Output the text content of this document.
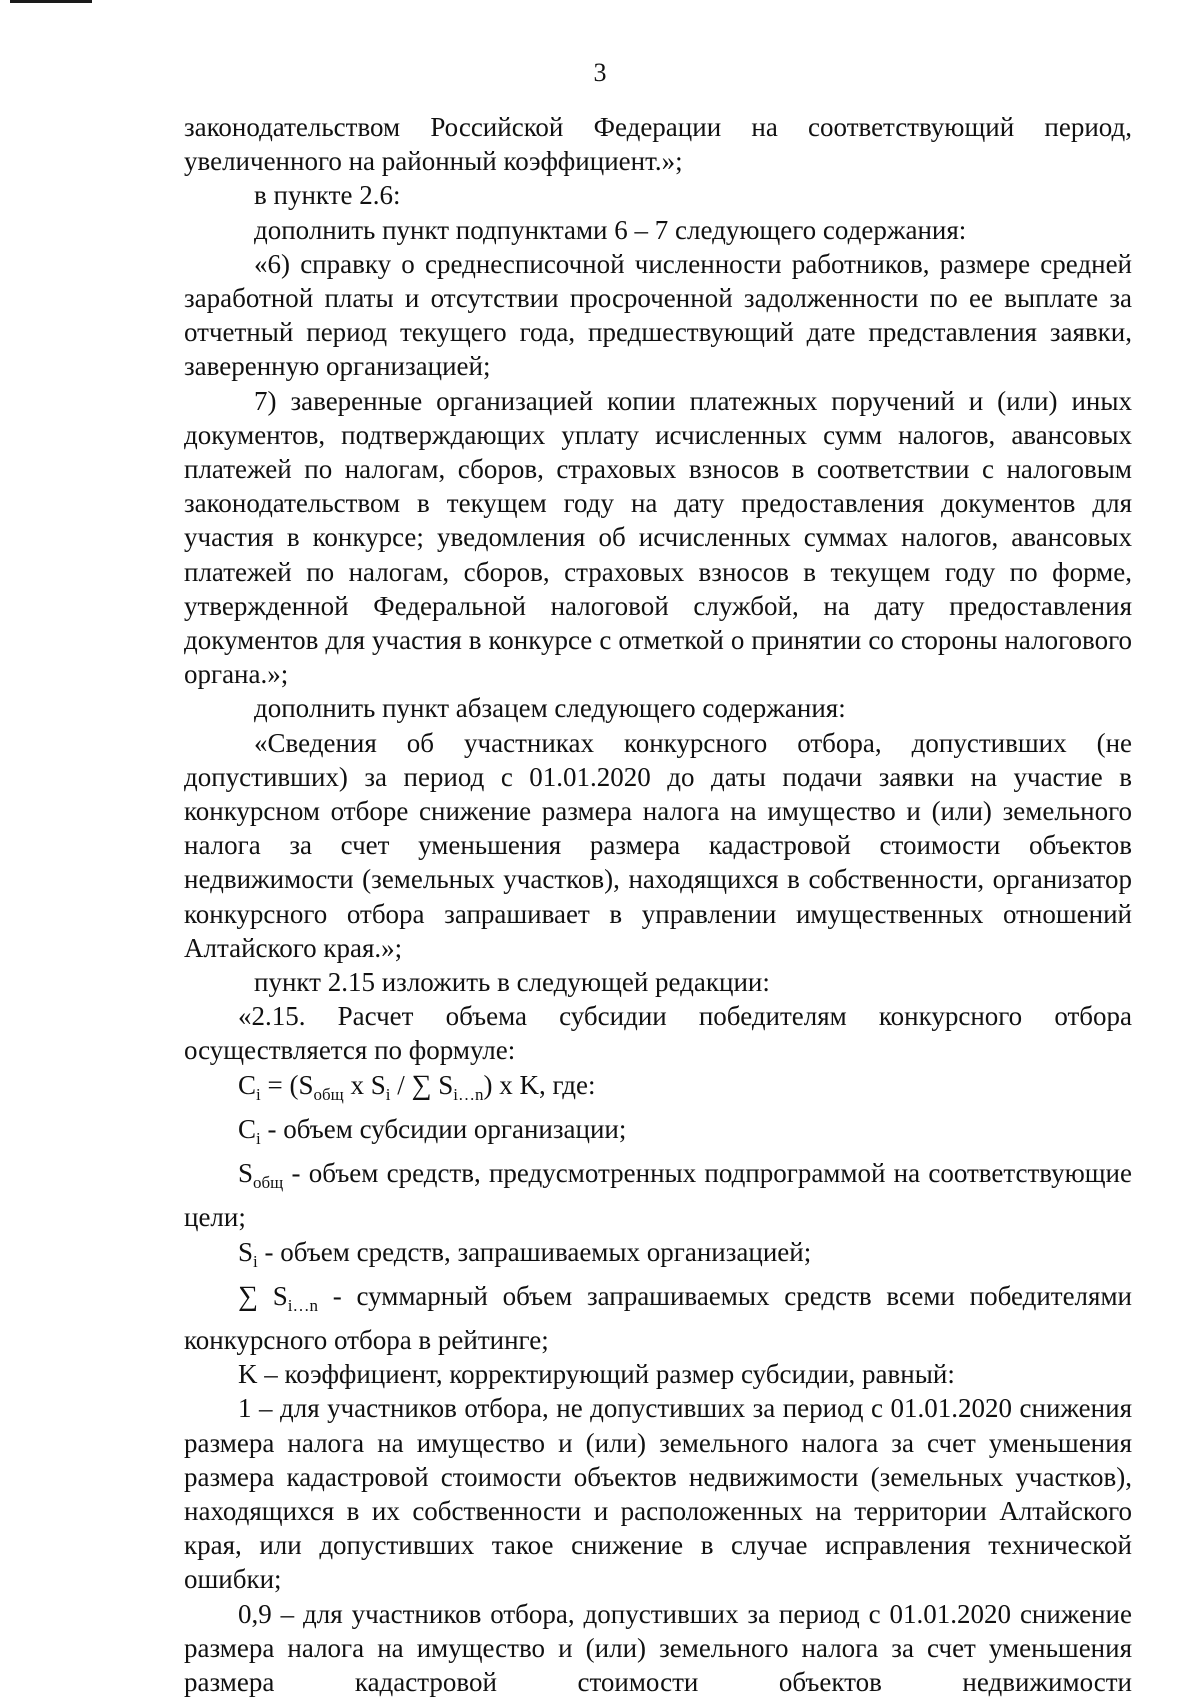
3

законодательством Российской Федерации на соответствующий период, увеличенного на районный коэффициент.»;

в пункте 2.6:

дополнить пункт подпунктами 6 – 7 следующего содержания:

«6) справку о среднесписочной численности работников, размере средней заработной платы и отсутствии просроченной задолженности по ее выплате за отчетный период текущего года, предшествующий дате представления заявки, заверенную организацией;

7) заверенные организацией копии платежных поручений и (или) иных документов, подтверждающих уплату исчисленных сумм налогов, авансовых платежей по налогам, сборов, страховых взносов в соответствии с налоговым законодательством в текущем году на дату предоставления документов для участия в конкурсе; уведомления об исчисленных суммах налогов, авансовых платежей по налогам, сборов, страховых взносов в текущем году по форме, утвержденной Федеральной налоговой службой, на дату предоставления документов для участия в конкурсе с отметкой о принятии со стороны налогового органа.»;

дополнить пункт абзацем следующего содержания:

«Сведения об участниках конкурсного отбора, допустивших (не допустивших) за период с 01.01.2020 до даты подачи заявки на участие в конкурсном отборе снижение размера налога на имущество и (или) земельного налога за счет уменьшения размера кадастровой стоимости объектов недвижимости (земельных участков), находящихся в собственности, организатор конкурсного отбора запрашивает в управлении имущественных отношений Алтайского края.»;

пункт 2.15 изложить в следующей редакции:

«2.15. Расчет объема субсидии победителям конкурсного отбора осуществляется по формуле:

$C_i = (S_{общ}$ x $S_i$ / ∑ $S_{i\dots n}$) x K, где:

$C_i$ - объем субсидии организации;

$S_{общ}$ - объем средств, предусмотренных подпрограммой на соответствующие цели;

$S_i$ - объем средств, запрашиваемых организацией;

∑ $S_{i\dots n}$ - суммарный объем запрашиваемых средств всеми победителями конкурсного отбора в рейтинге;

K – коэффициент, корректирующий размер субсидии, равный:

1 – для участников отбора, не допустивших за период с 01.01.2020 снижения размера налога на имущество и (или) земельного налога за счет уменьшения размера кадастровой стоимости объектов недвижимости (земельных участков), находящихся в их собственности и расположенных на территории Алтайского края, или допустивших такое снижение в случае исправления технической ошибки;

0,9 – для участников отбора, допустивших за период с 01.01.2020 снижение размера налога на имущество и (или) земельного налога за счет уменьшения размера кадастровой стоимости объектов недвижимости
